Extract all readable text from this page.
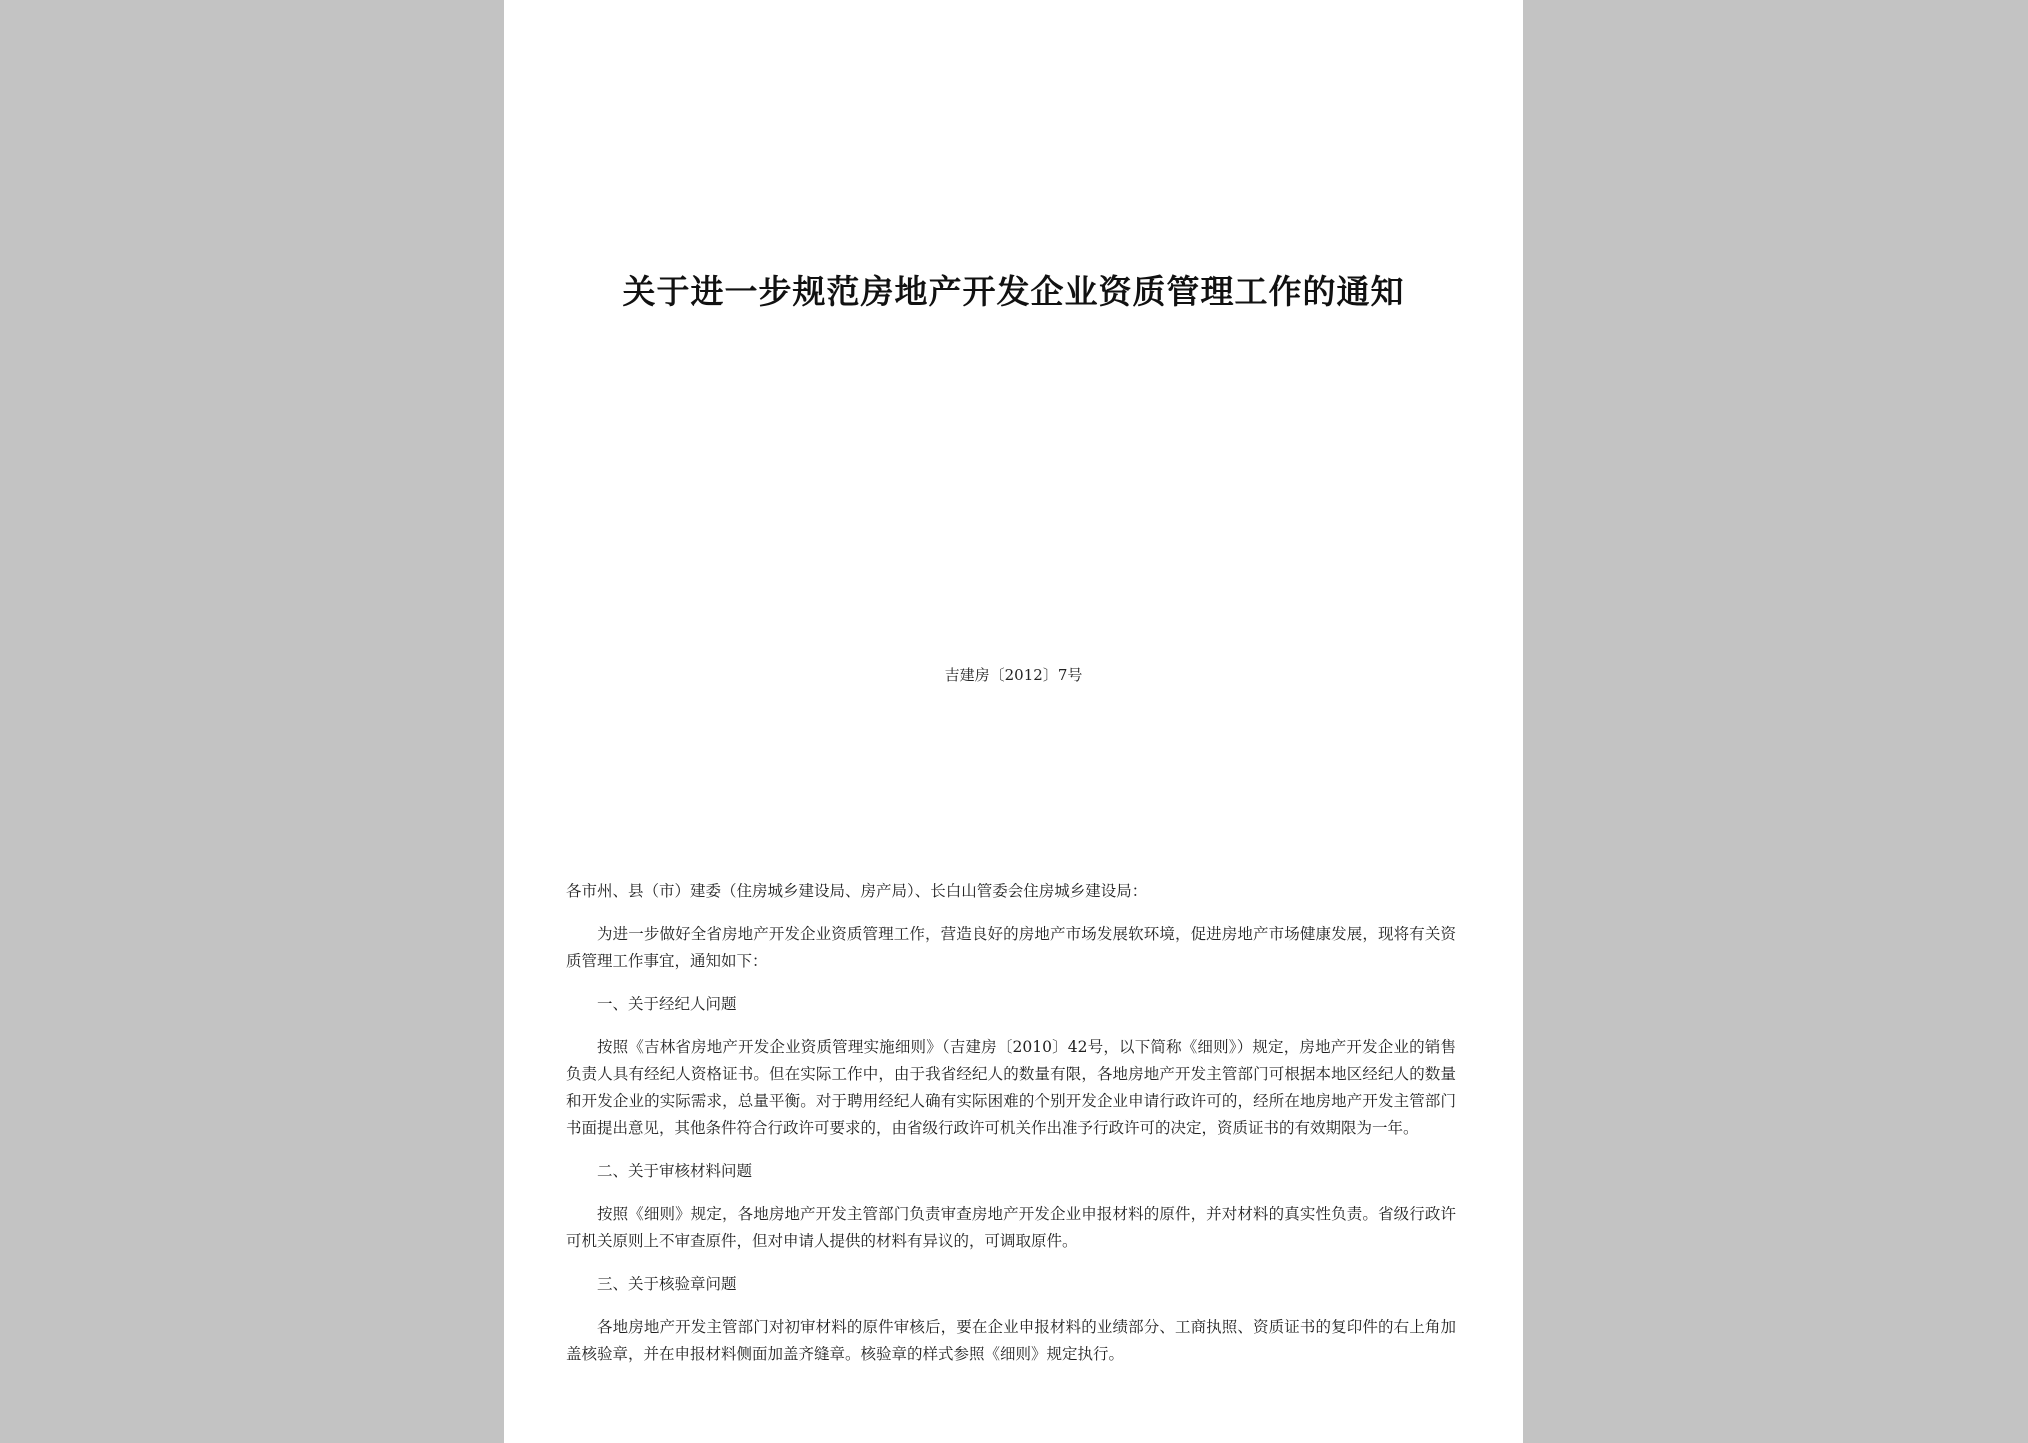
关于进一步规范房地产开发企业资质管理工作的通知
吉建房〔2012〕7号

各市州、县（市）建委（住房城乡建设局、房产局）、长白山管委会住房城乡建设局：

为进一步做好全省房地产开发企业资质管理工作，营造良好的房地产市场发展软环境，促进房地产市场健康发展，现将有关资质管理工作事宜，通知如下：

一、关于经纪人问题

按照《吉林省房地产开发企业资质管理实施细则》（吉建房〔2010〕42号，以下简称《细则》）规定，房地产开发企业的销售负责人具有经纪人资格证书。但在实际工作中，由于我省经纪人的数量有限，各地房地产开发主管部门可根据本地区经纪人的数量和开发企业的实际需求，总量平衡。对于聘用经纪人确有实际困难的个别开发企业申请行政许可的，经所在地房地产开发主管部门书面提出意见，其他条件符合行政许可要求的，由省级行政许可机关作出准予行政许可的决定，资质证书的有效期限为一年。

二、关于审核材料问题

按照《细则》规定，各地房地产开发主管部门负责审查房地产开发企业申报材料的原件，并对材料的真实性负责。省级行政许可机关原则上不审查原件，但对申请人提供的材料有异议的，可调取原件。

三、关于核验章问题

各地房地产开发主管部门对初审材料的原件审核后，要在企业申报材料的业绩部分、工商执照、资质证书的复印件的右上角加盖核验章，并在申报材料侧面加盖齐缝章。核验章的样式参照《细则》规定执行。
